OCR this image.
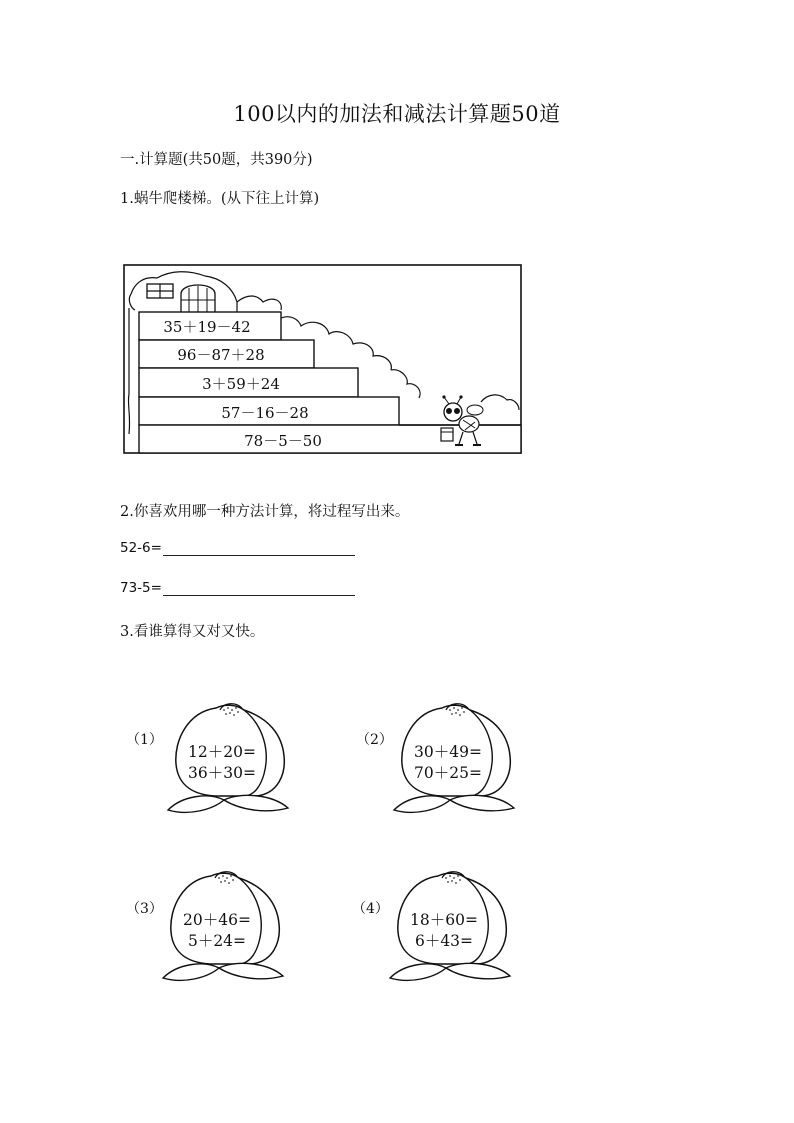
100以内的加法和减法计算题50道
一.计算题(共50题，共390分)
1.蜗牛爬楼梯。(从下往上计算)
35＋19－42
96－87＋28
3＋59＋24
57－16－28
78－5－50
2.你喜欢用哪一种方法计算，将过程写出来。
52-6=
73-5=
3.看谁算得又对又快。
（1）
12＋20=
36＋30=
（2）
30＋49=
70＋25=
（3）
20＋46=
5＋24=
（4）
18＋60=
6＋43=
